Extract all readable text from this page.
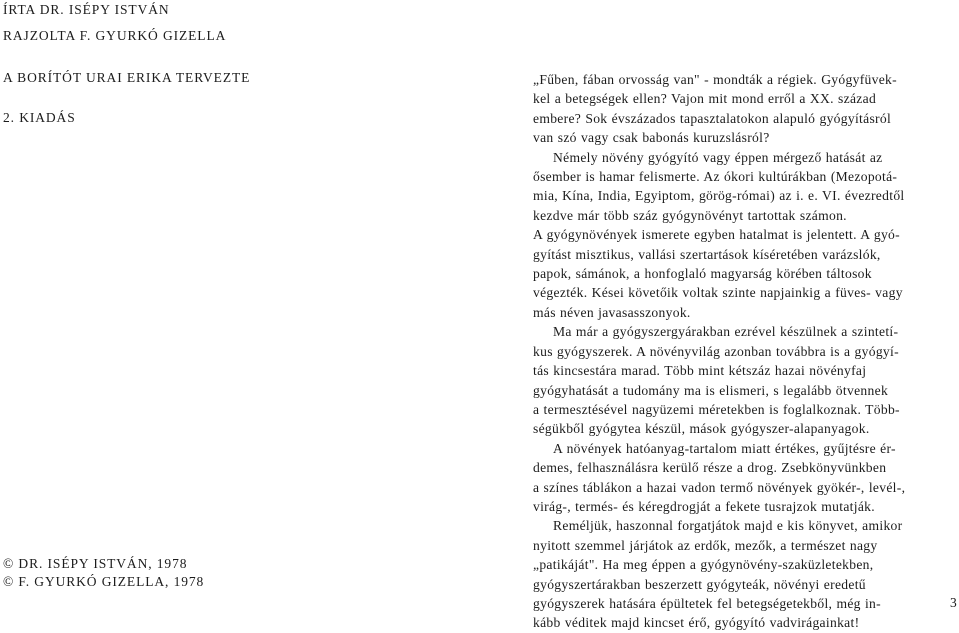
ÍRTA DR. ISÉPY ISTVÁN
RAJZOLTA F. GYURKÓ GIZELLA
A BORÍTÓT URAI ERIKA TERVEZTE
2. KIADÁS
© DR. ISÉPY ISTVÁN, 1978
© F. GYURKÓ GIZELLA, 1978
„Fűben, fában orvosság van" - mondták a régiek. Gyógyfüvek-
kel a betegségek ellen? Vajon mit mond erről a XX. század
embere? Sok évszázados tapasztalatokon alapuló gyógyításról
van szó vagy csak babonás kuruzslásról?
Némely növény gyógyító vagy éppen mérgező hatását az
ősember is hamar felismerte. Az ókori kultúrákban (Mezopotá-
mia, Kína, India, Egyiptom, görög-római) az i. e. VI. évezredtől
kezdve már több száz gyógynövényt tartottak számon.
A gyógynövények ismerete egyben hatalmat is jelentett. A gyó-
gyítást misztikus, vallási szertartások kíséretében varázslók,
papok, sámánok, a honfoglaló magyarság körében táltosok
végezték. Kései követőik voltak szinte napjainkig a füves- vagy
más néven javasasszonyok.
Ma már a gyógyszergyárakban ezrével készülnek a szintetí-
kus gyógyszerek. A növényvilág azonban továbbra is a gyógyí-
tás kincsestára marad. Több mint kétszáz hazai növényfaj
gyógyhatását a tudomány ma is elismeri, s legalább ötvennek
a termesztésével nagyüzemi méretekben is foglalkoznak. Több-
ségükből gyógytea készül, mások gyógyszer-alapanyagok.
A növények hatóanyag-tartalom miatt értékes, gyűjtésre ér-
demes, felhasználásra kerülő része a drog. Zsebkönyvünkben
a színes táblákon a hazai vadon termő növények gyökér-, levél-,
virág-, termés- és kéregdrogját a fekete tusrajzok mutatják.
Reméljük, haszonnal forgatjátok majd e kis könyvet, amikor
nyitott szemmel járjátok az erdők, mezők, a természet nagy
„patikáját". Ha meg éppen a gyógynövény-szaküzletekben,
gyógyszertárakban beszerzett gyógyteák, növényi eredetű
gyógyszerek hatására épültetek fel betegségetekből, még in-
kább véditek majd kincset érő, gyógyító vadvirágainkat!
3
